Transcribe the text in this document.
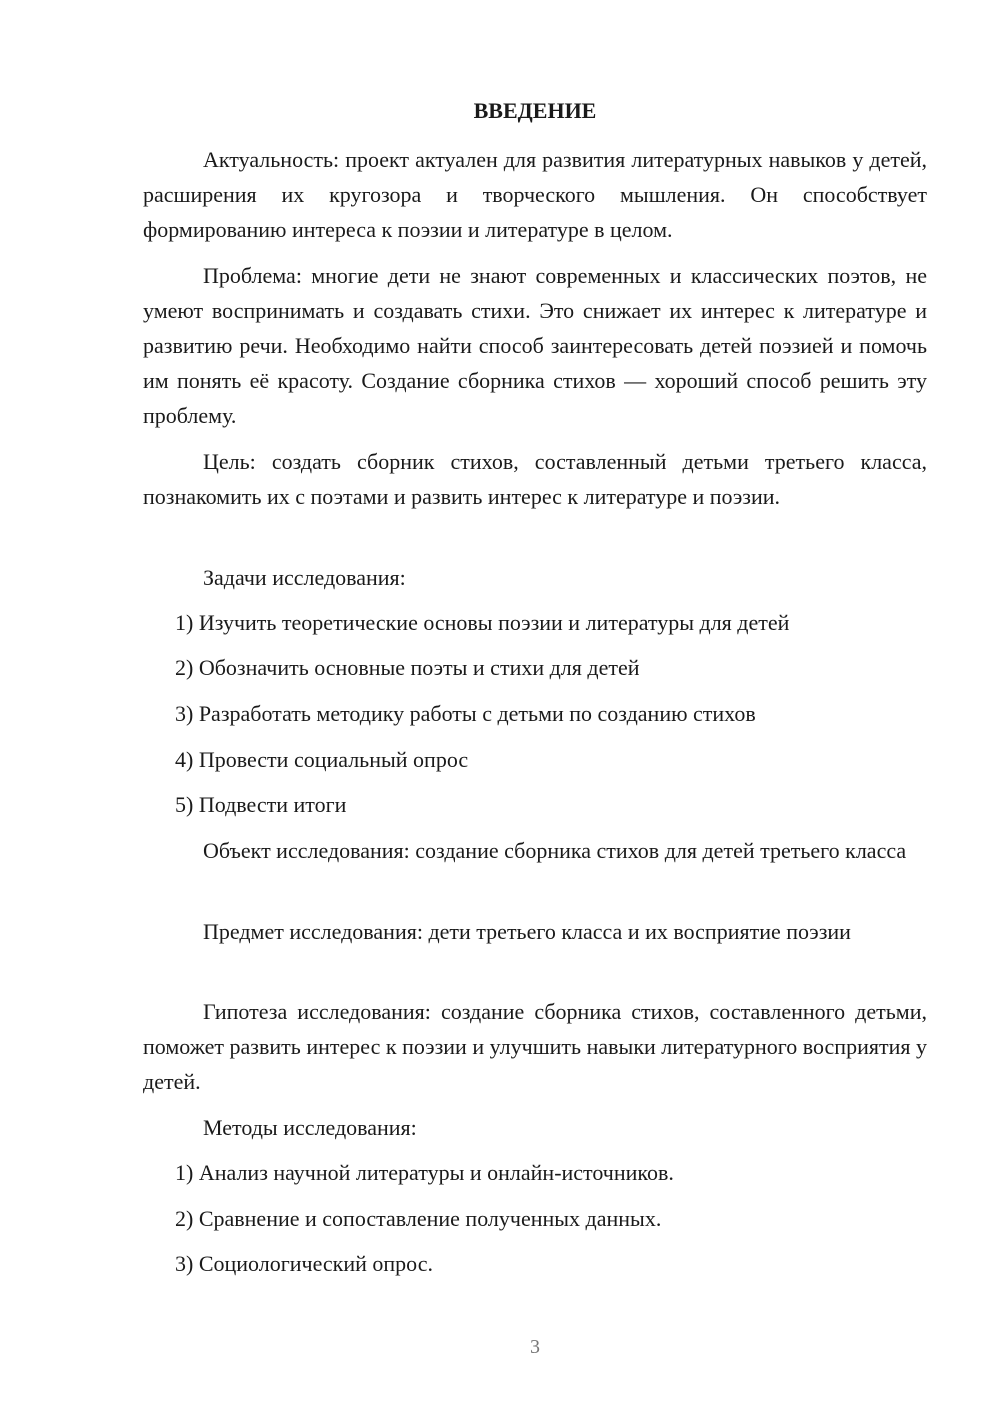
ВВЕДЕНИЕ

Актуальность: проект актуален для развития литературных навыков у детей, расширения их кругозора и творческого мышления. Он способствует формированию интереса к поэзии и литературе в целом.

Проблема: многие дети не знают современных и классических поэтов, не умеют воспринимать и создавать стихи. Это снижает их интерес к литературе и развитию речи. Необходимо найти способ заинтересовать детей поэзией и помочь им понять её красоту. Создание сборника стихов — хороший способ решить эту проблему.

Цель: создать сборник стихов, составленный детьми третьего класса, познакомить их с поэтами и развить интерес к литературе и поэзии.

Задачи исследования:

1) Изучить теоретические основы поэзии и литературы для детей

2) Обозначить основные поэты и стихи для детей

3) Разработать методику работы с детьми по созданию стихов

4) Провести социальный опрос

5) Подвести итоги

Объект исследования: создание сборника стихов для детей третьего класса

Предмет исследования: дети третьего класса и их восприятие поэзии

Гипотеза исследования: создание сборника стихов, составленного детьми, поможет развить интерес к поэзии и улучшить навыки литературного восприятия у детей.

Методы исследования:

1) Анализ научной литературы и онлайн-источников.

2) Сравнение и сопоставление полученных данных.

3) Социологический опрос.

3
